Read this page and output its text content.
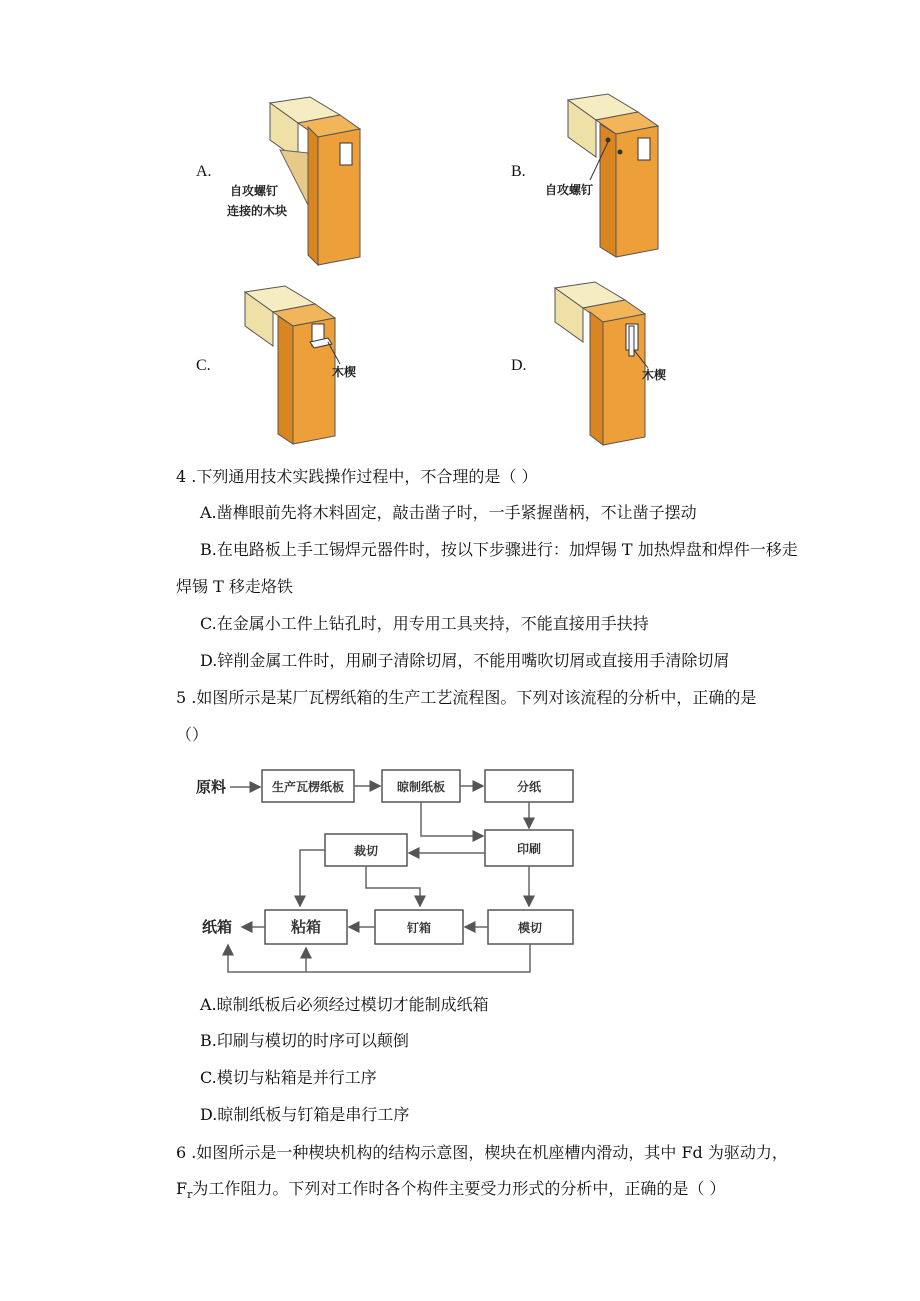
A.
自攻螺钉
连接的木块
B.
自攻螺钉
C.	木楔	D.
木楔
4 .下列通用技术实践操作过程中，不合理的是（ ）
A.凿榫眼前先将木料固定，敲击凿子时，一手紧握凿柄，不让凿子摆动
B.在电路板上手工锡焊元器件时，按以下步骤进行：加焊锡 T 加热焊盘和焊件一移走
焊锡 T 移走烙铁
C.在金属小工件上钻孔时，用专用工具夹持，不能直接用手扶持
D.锌削金属工件时，用刷子清除切屑，不能用嘴吹切屑或直接用手清除切屑
5 .如图所示是某厂瓦楞纸箱的生产工艺流程图。下列对该流程的分析中，正确的是
（）
原料	生产瓦楞纸板	晾制纸板	分纸
裁切	印刷
粘箱	钉箱	模切
纸箱
A.晾制纸板后必须经过模切才能制成纸箱
B.印刷与模切的时序可以颠倒
C.模切与粘箱是并行工序
D.晾制纸板与钉箱是串行工序
6 .如图所示是一种楔块机构的结构示意图，楔块在机座槽内滑动，其中 Fd 为驱动力，
$F_r$为工作阻力。下列对工作时各个构件主要受力形式的分析中，正确的是（ ）
